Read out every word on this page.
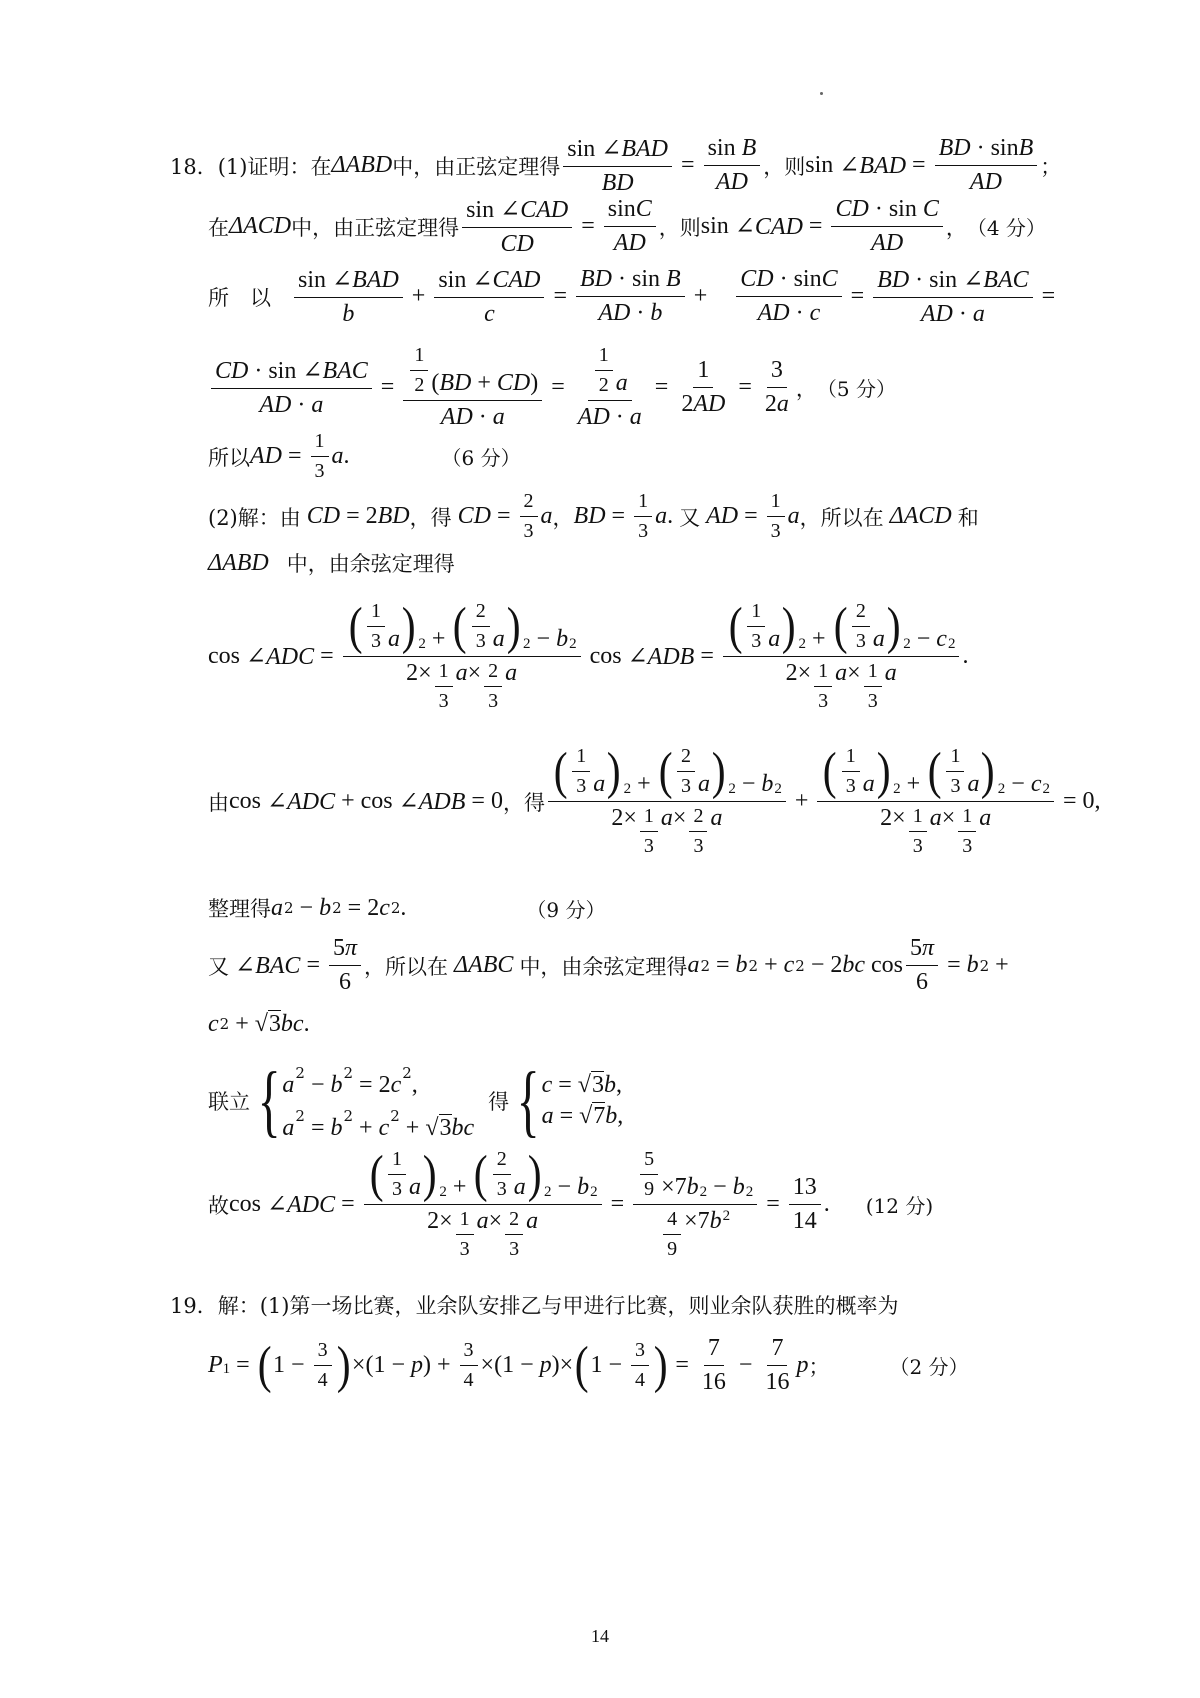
18． (1)证明：在 ΔABD 中，由正弦定理得 $\frac{\text{sin ∠ BAD}}{BD} = \sin$
B
AD ，则 sin ∠BAD = BD ·
sin B
AD ；
在 ΔACD 中，由正弦定理得 $\frac{\text{sin ∠CAD}}{CD} = \frac{\text{sin C}}{AD}$ ，则 sin ∠CAD = CD ·
sin C
AD ， （4 分）
所　以 $\frac{\text{sin ∠BAD}}{b} + \frac{\text{sin ∠CAD}}{c}$ = BD ·
sin B
AD · b + CD ·
sin C
AD · c = BD ·
sin ∠BAC
AD · a =
CD ·
sin ∠BAC
AD · $a = \frac{\frac{1}{2} ( BD + CD )}{AD \cdot a} = \frac{\frac{1}{2} a}{AD \cdot a} = \frac{1}{2 AD} = \frac{3}{2 a}$ ， （5 分）
所以 AD = $\frac{1}{3}$ a .	（6 分）
(2)解：由 CD = 2 BD ， 得 CD = $\frac{2}{3}$ a ， BD = $\frac{1}{3}$ a . 又 AD = $\frac{1}{3}$ a ，所以在 ΔACD 和
ΔABD 中，由余弦定理得
cos ∠ADC = $\frac{( \frac{1}{3} a )_2 + ( \frac{2}{3} a )_2 - b_2}{2\times \frac{1}{3} a \times \frac{2}{3} a}$ cos ∠ADB = $\frac{( \frac{1}{3} a )_2 + ( \frac{2}{3} a )_2 - c_2}{2\times \frac{1}{3} a \times \frac{1}{3} a}$ .
由 cos ∠ADC + cos ∠ADB = 0 ，得 $\frac{( \frac{1}{3} a )_2 + ( \frac{2}{3} a )_2 - b_2}{2\times \frac{1}{3} a \times \frac{2}{3} a} + \frac{( \frac{1}{3} a )_2 + ( \frac{1}{3} a )_2 - c_2}{2\times \frac{1}{3} a \times \frac{1}{3} a} = 0$,
整理得 a 2 − b 2 = 2 c 2 .	（9 分）
又 ∠BAC = $\frac{5 \pi}{6}$ ，所以在 ΔABC 中，由余弦定理得 a 2 = b 2 + c 2 − 2 bc $\cos \frac{5 \pi}{6} = b$ 2 +
c 2 + √ 3 bc .
联立 { $a^2 - b^2 = 2c^2$,
$a^2 = b^2 + c^2 + √3bc$
得 { c = √3b,
a = √7b,
故 cos ∠ADC = $\frac{( \frac{1}{3} a )_2 + ( \frac{2}{3} a )_2 - b_2}{2\times \frac{1}{3} a \times \frac{2}{3} a} = \frac{\frac{5}{9} \times 7 b_2 - b_2}{\frac{4}{9} \times 7 b^2} = \frac{13}{14}$ . (12 分)
19． 解：(1)第一场比赛，业余队安排乙与甲进行比赛，则业余队获胜的概率为
P 1 = ( $1 - \frac{3}{4}$ ) ×(1 − p ) + $\frac{3}{4} \times(1 - p$ )× ( $1 - \frac{3}{4}$ ) = $\frac{7}{16} - \frac{7}{16}$ p ；	（2 分）
14
